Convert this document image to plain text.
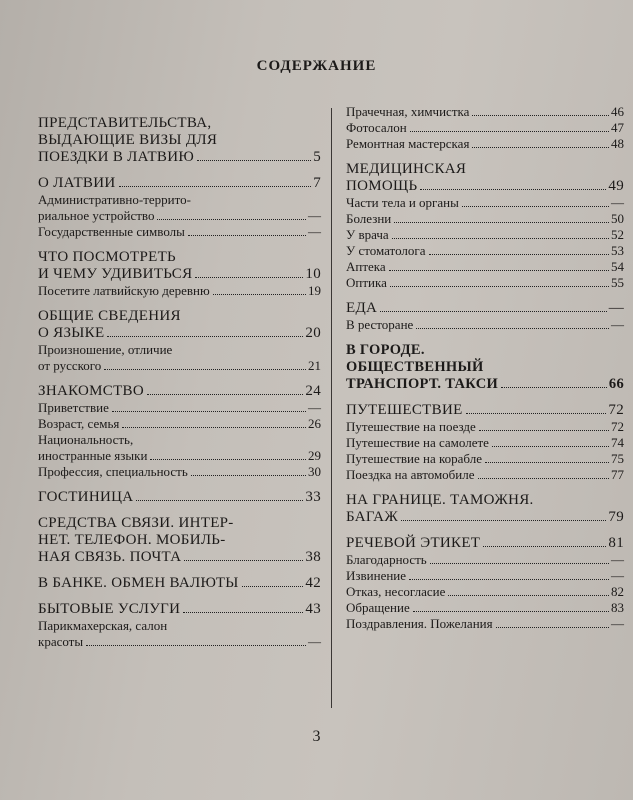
СОДЕРЖАНИЕ
ПРЕДСТАВИТЕЛЬСТВА,
ВЫДАЮЩИЕ ВИЗЫ ДЛЯ
ПОЕЗДКИ В ЛАТВИЮ	5
О ЛАТВИИ	7
Административно-террито-
риальное устройство	—
Государственные символы	—
ЧТО ПОСМОТРЕТЬ
И ЧЕМУ УДИВИТЬСЯ	10
Посетите латвийскую деревню	19
ОБЩИЕ СВЕДЕНИЯ
О ЯЗЫКЕ	20
Произношение, отличие
от русского	21
ЗНАКОМСТВО	24
Приветствие	—
Возраст, семья	26
Национальность,
иностранные языки	29
Профессия, специальность	30
ГОСТИНИЦА	33
СРЕДСТВА СВЯЗИ. ИНТЕР-
НЕТ. ТЕЛЕФОН. МОБИЛЬ-
НАЯ СВЯЗЬ. ПОЧТА	38
В БАНКЕ. ОБМЕН ВАЛЮТЫ	42
БЫТОВЫЕ УСЛУГИ	43
Парикмахерская, салон
красоты	—
Прачечная, химчистка	46
Фотосалон	47
Ремонтная мастерская	48
МЕДИЦИНСКАЯ
ПОМОЩЬ	49
Части тела и органы	—
Болезни	50
У врача	52
У стоматолога	53
Аптека	54
Оптика	55
ЕДА	—
В ресторане	—
В ГОРОДЕ.
ОБЩЕСТВЕННЫЙ
ТРАНСПОРТ. ТАКСИ	66
ПУТЕШЕСТВИЕ	72
Путешествие на поезде	72
Путешествие на самолете	74
Путешествие на корабле	75
Поездка на автомобиле	77
НА ГРАНИЦЕ. ТАМОЖНЯ.
БАГАЖ	79
РЕЧЕВОЙ ЭТИКЕТ	81
Благодарность	—
Извинение	—
Отказ, несогласие	82
Обращение	83
Поздравления. Пожелания	—
3
